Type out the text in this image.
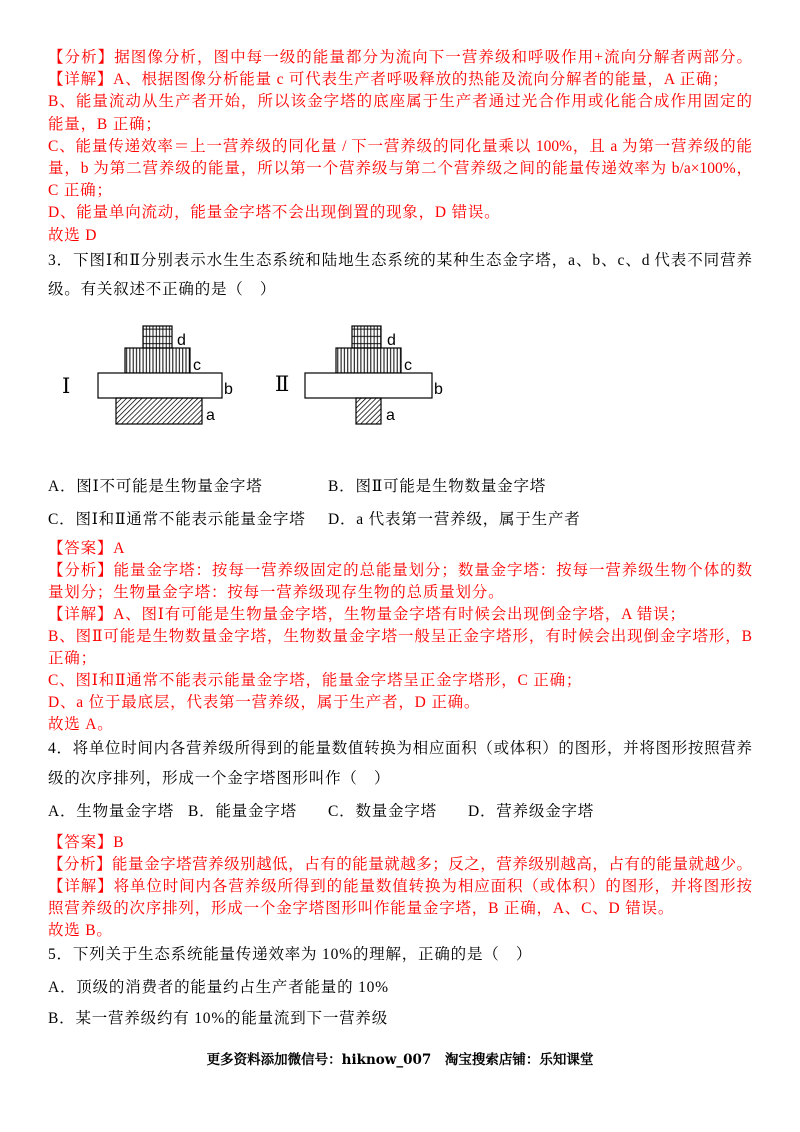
【分析】据图像分析，图中每一级的能量都分为流向下一营养级和呼吸作用+流向分解者两部分。
【详解】A、根据图像分析能量 c 可代表生产者呼吸释放的热能及流向分解者的能量，A 正确；
B、能量流动从生产者开始，所以该金字塔的底座属于生产者通过光合作用或化能合成作用固定的
能量，B 正确；
C、能量传递效率＝上一营养级的同化量 / 下一营养级的同化量乘以 100%，且 a 为第一营养级的能
量，b 为第二营养级的能量，所以第一个营养级与第二个营养级之间的能量传递效率为 b/a×100%，
C 正确；
D、能量单向流动，能量金字塔不会出现倒置的现象，D 错误。
故选 D
3．下图Ⅰ和Ⅱ分别表示水生生态系统和陆地生态系统的某种生态金字塔，a、b、c、d 代表不同营养
级。有关叙述不正确的是（　）
Ⅰ
d
c
b
a
Ⅱ
d
c
b
a
A．图Ⅰ不可能是生物量金字塔	B．图Ⅱ可能是生物数量金字塔
C．图Ⅰ和Ⅱ通常不能表示能量金字塔 D．a 代表第一营养级，属于生产者
【答案】A
【分析】能量金字塔：按每一营养级固定的总能量划分；数量金字塔：按每一营养级生物个体的数
量划分；生物量金字塔：按每一营养级现存生物的总质量划分。
【详解】A、图Ⅰ有可能是生物量金字塔，生物量金字塔有时候会出现倒金字塔，A 错误；
B、图Ⅱ可能是生物数量金字塔，生物数量金字塔一般呈正金字塔形，有时候会出现倒金字塔形，B
正确；
C、图Ⅰ和Ⅱ通常不能表示能量金字塔，能量金字塔呈正金字塔形，C 正确；
D、a 位于最底层，代表第一营养级，属于生产者，D 正确。
故选 A。
4．将单位时间内各营养级所得到的能量数值转换为相应面积（或体积）的图形，并将图形按照营养
级的次序排列，形成一个金字塔图形叫作（　）
A．生物量金字塔 B．能量金字塔 C．数量金字塔 D．营养级金字塔
【答案】B
【分析】能量金字塔营养级别越低，占有的能量就越多；反之，营养级别越高，占有的能量就越少。
【详解】将单位时间内各营养级所得到的能量数值转换为相应面积（或体积）的图形，并将图形按
照营养级的次序排列，形成一个金字塔图形叫作能量金字塔，B 正确，A、C、D 错误。
故选 B。
5．下列关于生态系统能量传递效率为 10%的理解，正确的是（　）
A．顶级的消费者的能量约占生产者能量的 10%
B．某一营养级约有 10%的能量流到下一营养级
更多资料添加微信号：hiknow_007　淘宝搜索店铺：乐知课堂
